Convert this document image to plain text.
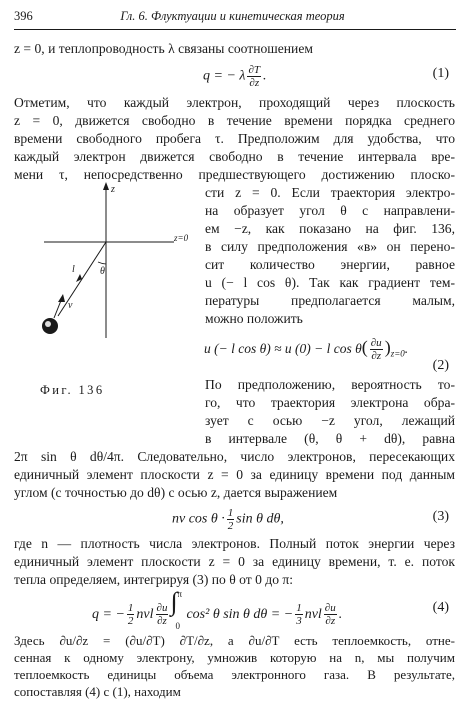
396	Гл. 6. Флуктуации и кинетическая теория
z = 0, и теплопроводность λ связаны соотношением
q = − λ $\frac{\partial T}{\partial z}$ .	(1)
Отметим, что каждый электрон, проходящий через плоскость
z = 0, движется свободно в течение времени порядка среднего
времени свободного пробега τ. Предположим для удобства, что
каждый электрон движется свободно в течение интервала вре-
мени τ, непосредственно предшествующего достижению плоско-
сти z = 0. Если траектория электро-
на образует угол θ с направлени-
ем −z, как показано на фиг. 136,
в силу предположения «в» он перено-
сит количество энергии, равное
u (− l cos θ). Так как градиент тем-
пературы предполагается малым,
можно положить
u (− l cos θ) ≈ u (0) − l $\cos \theta( \frac{\partial u}{\partial z} )_{z=0}$.
(2)
По предположению, вероятность то-
го, что траектория электрона обра-
зует с осью −z угол, лежащий
в интервале (θ, θ + dθ), равна
2π sin θ dθ/4π. Следовательно, число электронов, пересекающих
единичный элемент плоскости z = 0 за единицу времени под данным
углом (с точностью до dθ) с осью z, дается выражением
nv $\cos \theta \cdot \frac{1}{2}$ sin θ dθ,	(3)
где n — плотность числа электронов. Полный поток энергии через
единичный элемент плоскости z = 0 за единицу времени, т. е. поток
тепла определяем, интегрируя (3) по θ от 0 до π:
q = − $\frac{1}{2}$ nvl $\frac{\partial u}{\partial z}$ ∫ π
0
cos² θ sin θ dθ = − $\frac{1}{3}$ nvl $\frac{\partial u}{\partial z}$ .	(4)
Здесь ∂u/∂z = (∂u/∂T) ∂T/∂z, а ∂u/∂T есть теплоемкость, отне-
сенная к одному электрону, умножив которую на n, мы получим
теплоемкость единицы объема электронного газа. В результате,
сопоставляя (4) с (1), находим
z
z=0
θ
l
v
Фиг. 136
